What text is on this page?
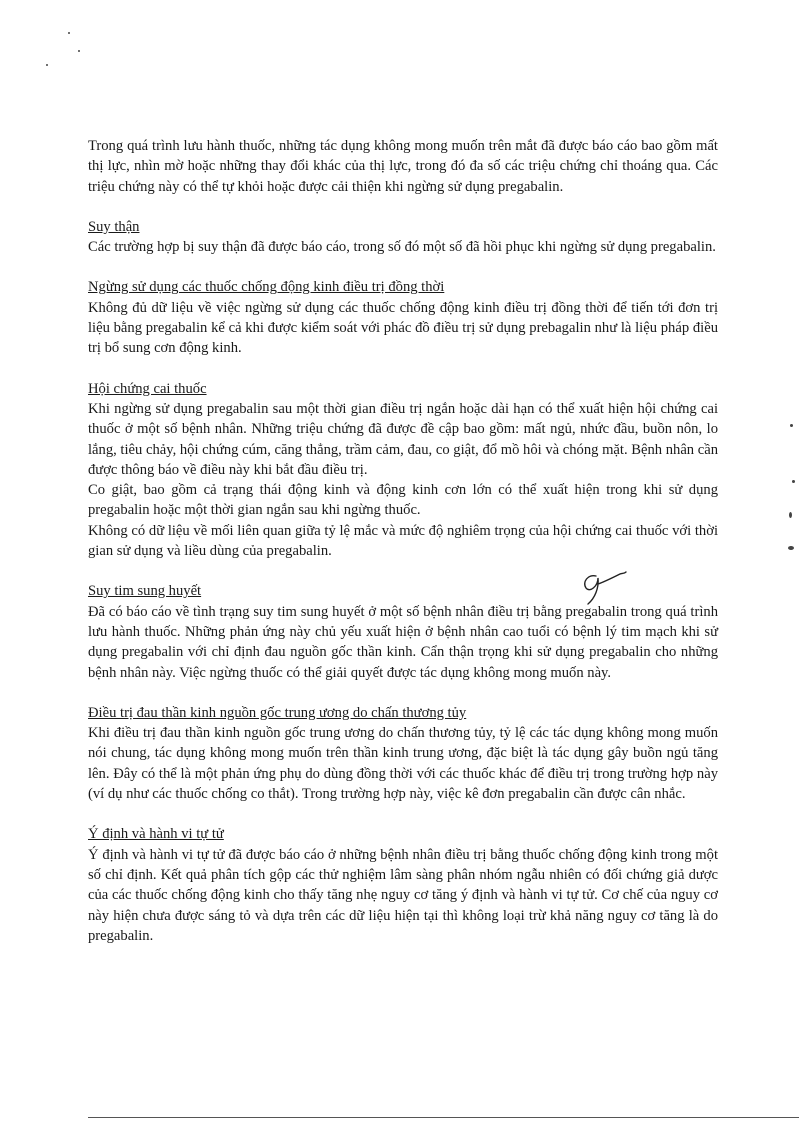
Trong quá trình lưu hành thuốc, những tác dụng không mong muốn trên mắt đã được báo cáo bao gồm mất thị lực, nhìn mờ hoặc những thay đổi khác của thị lực, trong đó đa số các triệu chứng chỉ thoáng qua. Các triệu chứng này có thể tự khỏi hoặc được cải thiện khi ngừng sử dụng pregabalin.

Suy thận

Các trường hợp bị suy thận đã được báo cáo, trong số đó một số đã hồi phục khi ngừng sử dụng pregabalin.

Ngừng sử dụng các thuốc chống động kinh điều trị đồng thời

Không đủ dữ liệu về việc ngừng sử dụng các thuốc chống động kinh điều trị đồng thời để tiến tới đơn trị liệu bằng pregabalin kể cả khi được kiểm soát với phác đồ điều trị sử dụng prebagalin như là liệu pháp điều trị bổ sung cơn động kinh.

Hội chứng cai thuốc

Khi ngừng sử dụng pregabalin sau một thời gian điều trị ngắn hoặc dài hạn có thể xuất hiện hội chứng cai thuốc ở một số bệnh nhân. Những triệu chứng đã được đề cập bao gồm: mất ngủ, nhức đầu, buồn nôn, lo lắng, tiêu chảy, hội chứng cúm, căng thẳng, trầm cảm, đau, co giật, đổ mồ hôi và chóng mặt. Bệnh nhân cần được thông báo về điều này khi bắt đầu điều trị.

Co giật, bao gồm cả trạng thái động kinh và động kinh cơn lớn có thể xuất hiện trong khi sử dụng pregabalin hoặc một thời gian ngắn sau khi ngừng thuốc.

Không có dữ liệu về mối liên quan giữa tỷ lệ mắc và mức độ nghiêm trọng của hội chứng cai thuốc với thời gian sử dụng và liều dùng của pregabalin.

Suy tim sung huyết

Đã có báo cáo về tình trạng suy tim sung huyết ở một số bệnh nhân điều trị bằng pregabalin trong quá trình lưu hành thuốc. Những phản ứng này chủ yếu xuất hiện ở bệnh nhân cao tuổi có bệnh lý tim mạch khi sử dụng pregabalin với chỉ định đau nguồn gốc thần kinh. Cẩn thận trọng khi sử dụng pregabalin cho những bệnh nhân này. Việc ngừng thuốc có thể giải quyết được tác dụng không mong muốn này.

Điều trị đau thần kinh nguồn gốc trung ương do chấn thương tủy

Khi điều trị đau thần kinh nguồn gốc trung ương do chấn thương tủy, tỷ lệ các tác dụng không mong muốn nói chung, tác dụng không mong muốn trên thần kinh trung ương, đặc biệt là tác dụng gây buồn ngủ tăng lên. Đây có thể là một phản ứng phụ do dùng đồng thời với các thuốc khác để điều trị trong trường hợp này (ví dụ như các thuốc chống co thắt). Trong trường hợp này, việc kê đơn pregabalin cần được cân nhắc.

Ý định và hành vi tự tử

Ý định và hành vi tự tử đã được báo cáo ở những bệnh nhân điều trị bằng thuốc chống động kinh trong một số chỉ định. Kết quả phân tích gộp các thử nghiệm lâm sàng phân nhóm ngẫu nhiên có đối chứng giả dược của các thuốc chống động kinh cho thấy tăng nhẹ nguy cơ tăng ý định và hành vi tự tử. Cơ chế của nguy cơ này hiện chưa được sáng tỏ và dựa trên các dữ liệu hiện tại thì không loại trừ khả năng nguy cơ tăng là do pregabalin.
